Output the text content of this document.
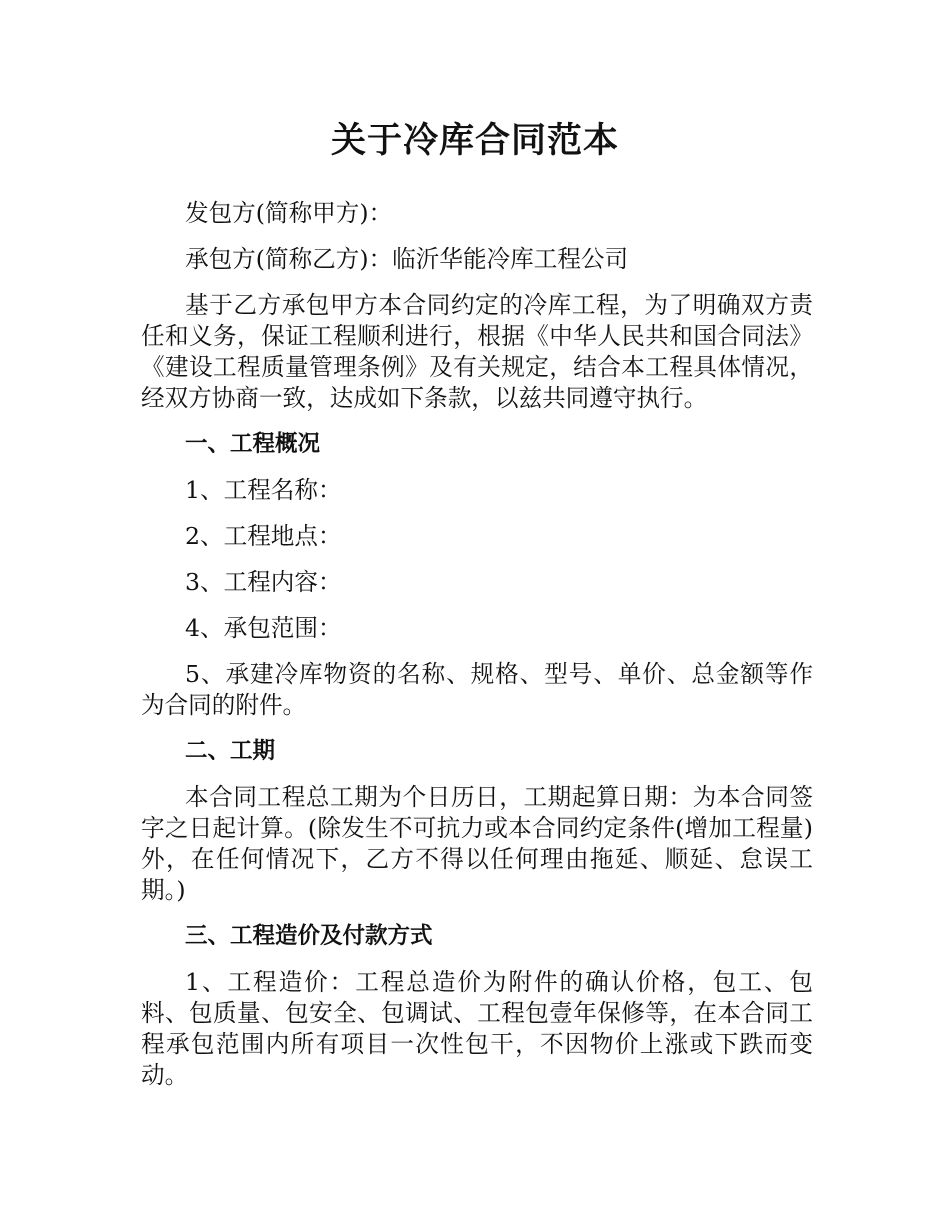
关于冷库合同范本

发包方(简称甲方)：

承包方(简称乙方)：临沂华能冷库工程公司

基于乙方承包甲方本合同约定的冷库工程，为了明确双方责任和义务，保证工程顺利进行，根据《中华人民共和国合同法》《建设工程质量管理条例》及有关规定，结合本工程具体情况，经双方协商一致，达成如下条款，以兹共同遵守执行。

一、工程概况

1、工程名称：

2、工程地点：

3、工程内容：

4、承包范围：

5、承建冷库物资的名称、规格、型号、单价、总金额等作为合同的附件。

二、工期

本合同工程总工期为个日历日，工期起算日期：为本合同签字之日起计算。(除发生不可抗力或本合同约定条件(增加工程量)外，在任何情况下，乙方不得以任何理由拖延、顺延、怠误工期。)

三、工程造价及付款方式

1、工程造价：工程总造价为附件的确认价格，包工、包料、包质量、包安全、包调试、工程包壹年保修等，在本合同工程承包范围内所有项目一次性包干，不因物价上涨或下跌而变动。
